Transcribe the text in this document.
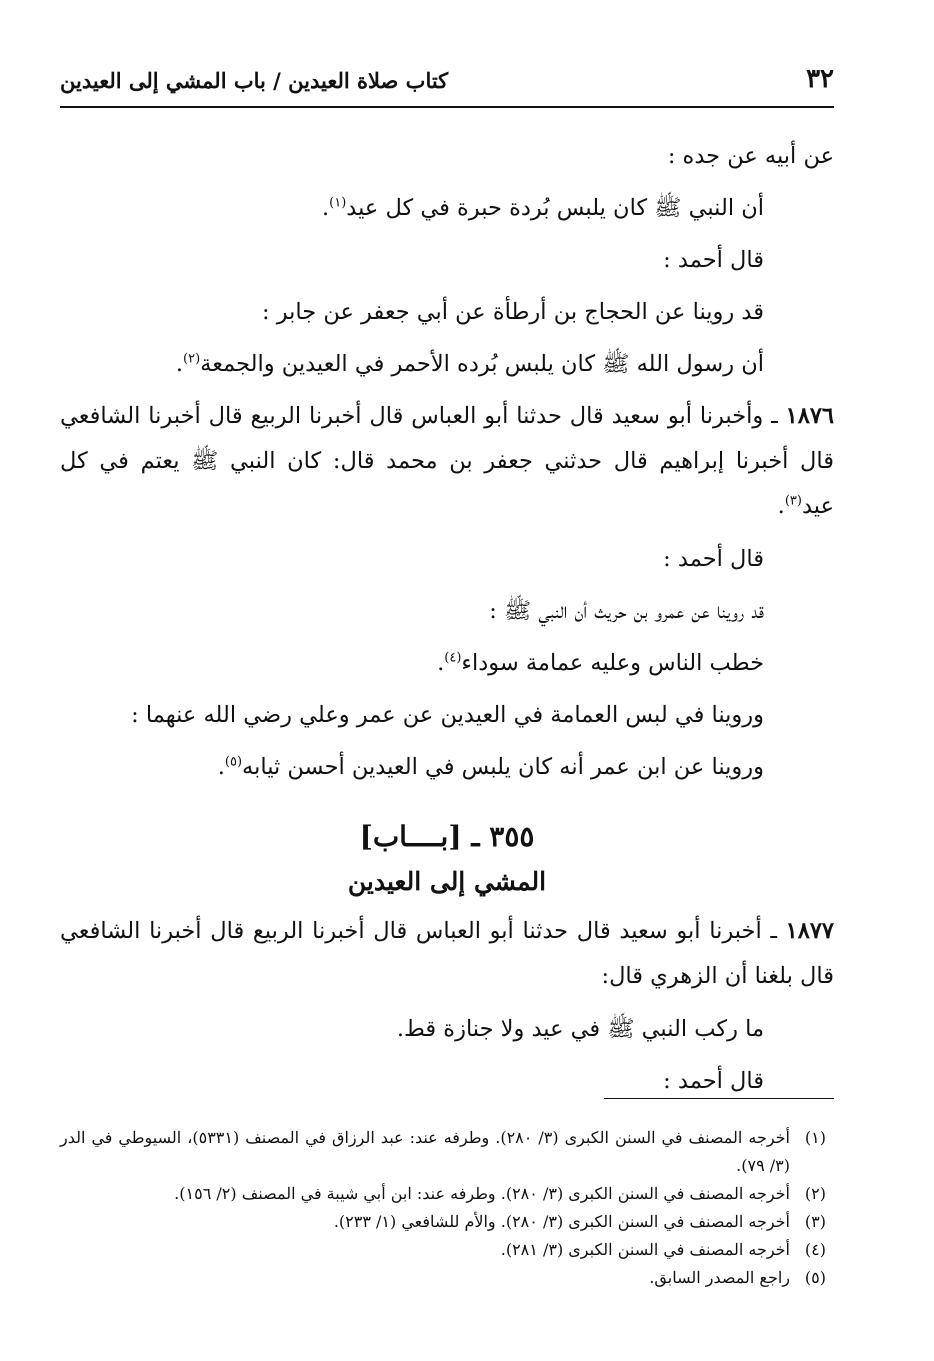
٣٢
كتاب صلاة العيدين / باب المشي إلى العيدين
عن أبيه عن جده :
أن النبي ﷺ كان يلبس بُردة حبرة في كل عيد$^{(١)}$.
قال أحمد :
قد روينا عن الحجاج بن أرطأة عن أبي جعفر عن جابر :
أن رسول الله ﷺ كان يلبس بُرده الأحمر في العيدين والجمعة$^{(٢)}$.
١٨٧٦ ـ وأخبرنا أبو سعيد قال حدثنا أبو العباس قال أخبرنا الربيع قال أخبرنا الشافعي قال أخبرنا إبراهيم قال حدثني جعفر بن محمد قال: كان النبي ﷺ يعتم في كل عيد$^{(٣)}$.
قال أحمد :
قد روينا عن عمرو بن حريث أن النبي ﷺ :
خطب الناس وعليه عمامة سوداء$^{(٤)}$.
وروينا في لبس العمامة في العيدين عن عمر وعلي رضي الله عنهما :
وروينا عن ابن عمر أنه كان يلبس في العيدين أحسن ثيابه$^{(٥)}$.
٣٥٥ ـ [بــــاب]
المشي إلى العيدين
١٨٧٧ ـ أخبرنا أبو سعيد قال حدثنا أبو العباس قال أخبرنا الربيع قال أخبرنا الشافعي قال بلغنا أن الزهري قال:
ما ركب النبي ﷺ في عيد ولا جنازة قط.
قال أحمد :
(١)
أخرجه المصنف في السنن الكبرى (٣/ ٢٨٠). وطرفه عند: عبد الرزاق في المصنف (٥٣٣١)، السيوطي في الدر (٣/ ٧٩).
(٢)
أخرجه المصنف في السنن الكبرى (٣/ ٢٨٠). وطرفه عند: ابن أبي شيبة في المصنف (٢/ ١٥٦).
(٣)
أخرجه المصنف في السنن الكبرى (٣/ ٢٨٠). والأم للشافعي (١/ ٢٣٣).
(٤)
أخرجه المصنف في السنن الكبرى (٣/ ٢٨١).
(٥)
راجع المصدر السابق.
